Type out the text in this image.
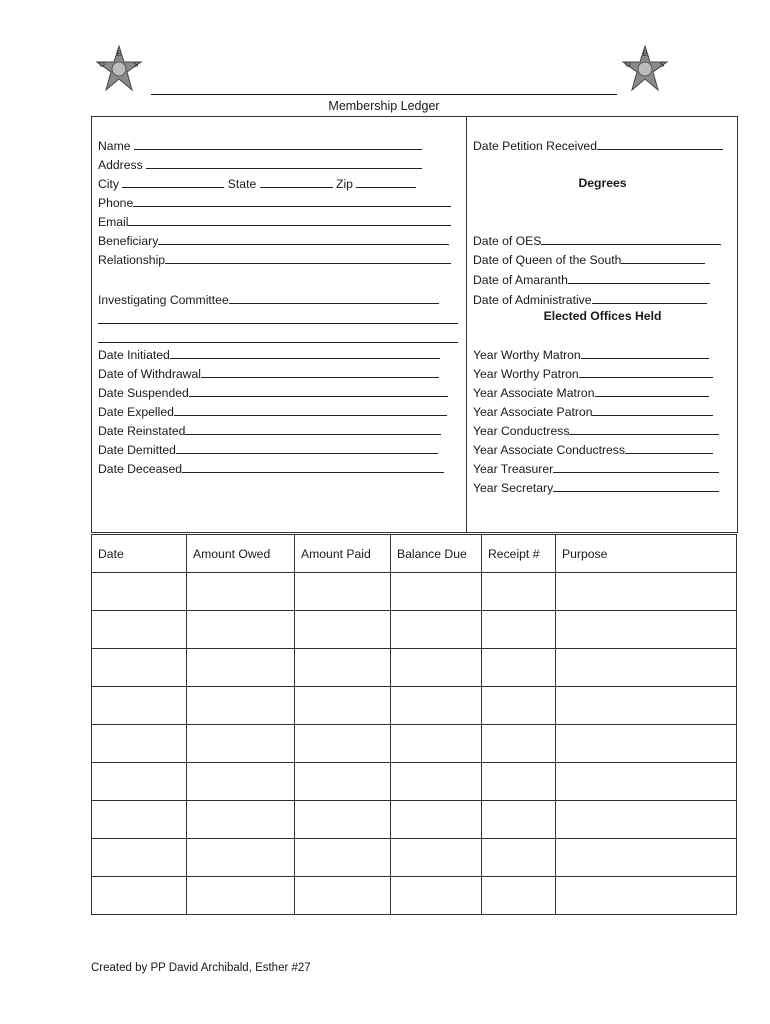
E
O	S
E
O	S
Membership Ledger
Name
Address
City	State	Zip
Phone
Email
Beneficiary
Relationship
Investigating Committee
Date Initiated
Date of Withdrawal
Date Suspended
Date Expelled
Date Reinstated
Date Demitted
Date Deceased
Date Petition Received
Degrees
Date of OES
Date of Queen of the South
Date of Amaranth
Date of Administrative
Elected Offices Held
Year Worthy Matron
Year Worthy Patron
Year Associate Matron
Year Associate Patron
Year Conductress
Year Associate Conductress
Year Treasurer
Year Secretary
Date	Amount Owed	Amount Paid	Balance Due	Receipt #	Purpose

Created by PP David Archibald, Esther #27
